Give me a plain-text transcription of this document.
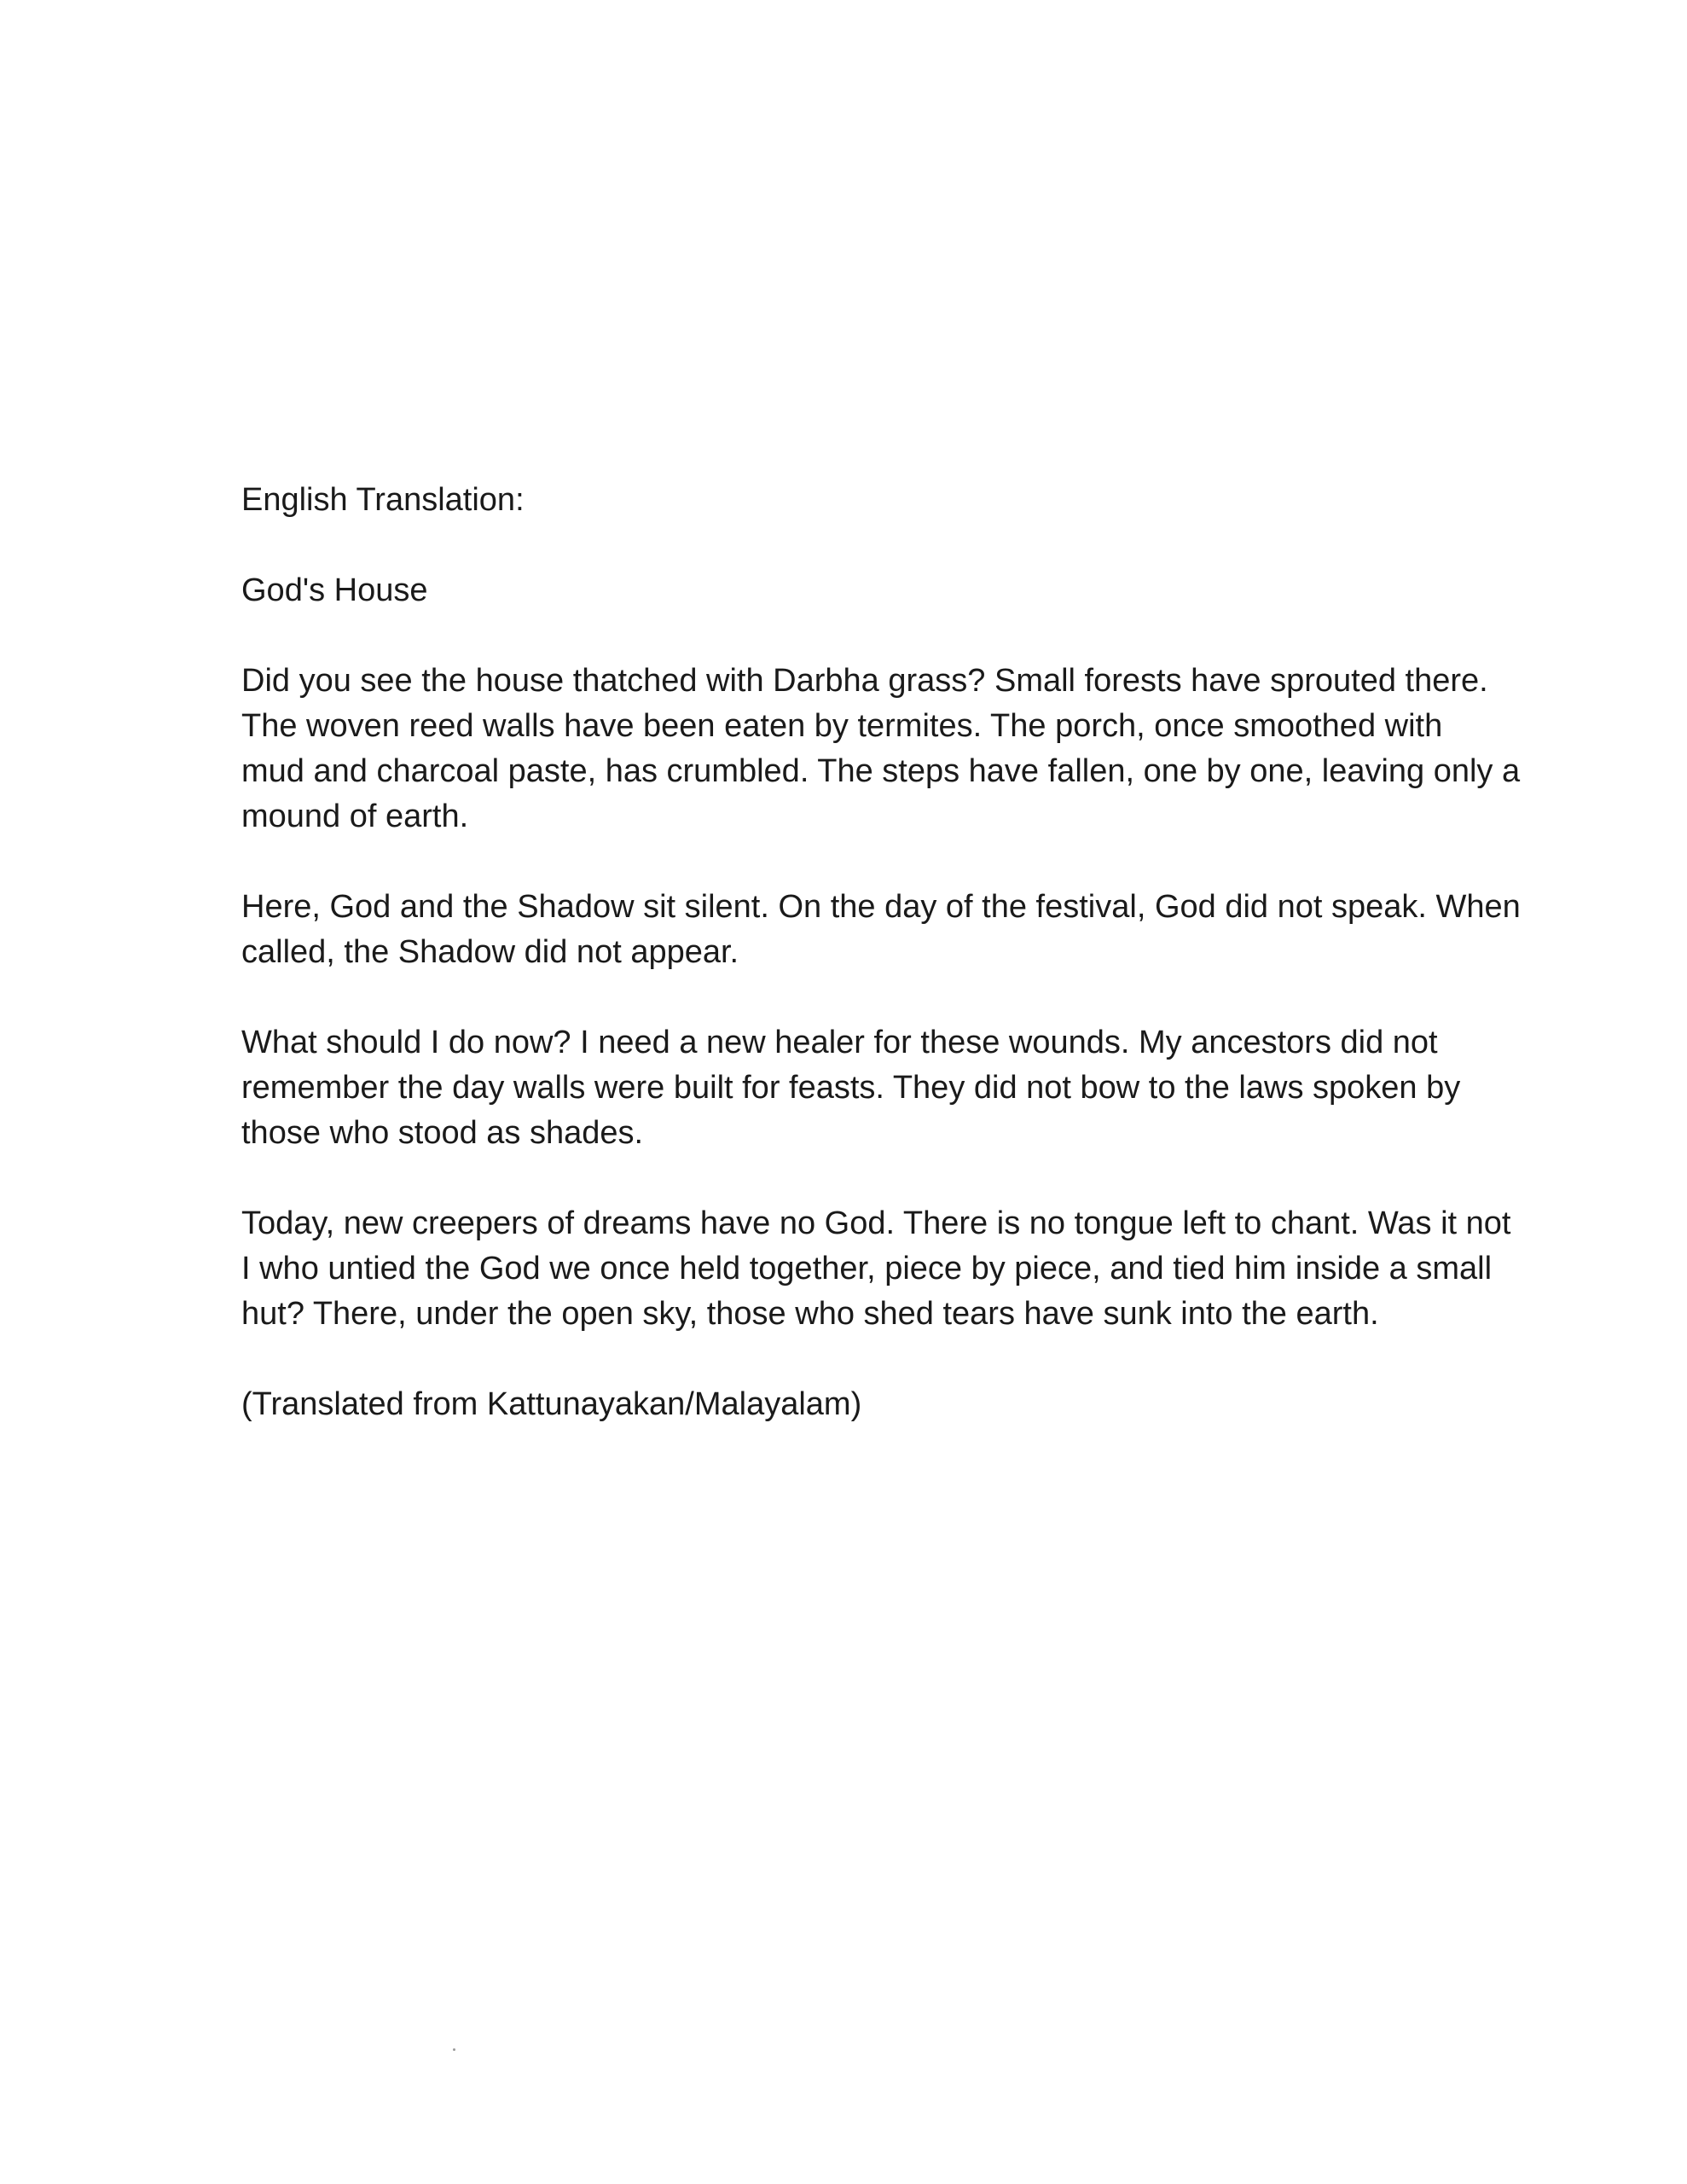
English Translation:

God's House

Did you see the house thatched with Darbha grass? Small forests have sprouted there.
The woven reed walls have been eaten by termites. The porch, once smoothed with
mud and charcoal paste, has crumbled. The steps have fallen, one by one, leaving only a
mound of earth.

Here, God and the Shadow sit silent. On the day of the festival, God did not speak. When
called, the Shadow did not appear.

What should I do now? I need a new healer for these wounds. My ancestors did not
remember the day walls were built for feasts. They did not bow to the laws spoken by
those who stood as shades.

Today, new creepers of dreams have no God. There is no tongue left to chant. Was it not
I who untied the God we once held together, piece by piece, and tied him inside a small
hut? There, under the open sky, those who shed tears have sunk into the earth.

(Translated from Kattunayakan/Malayalam)
